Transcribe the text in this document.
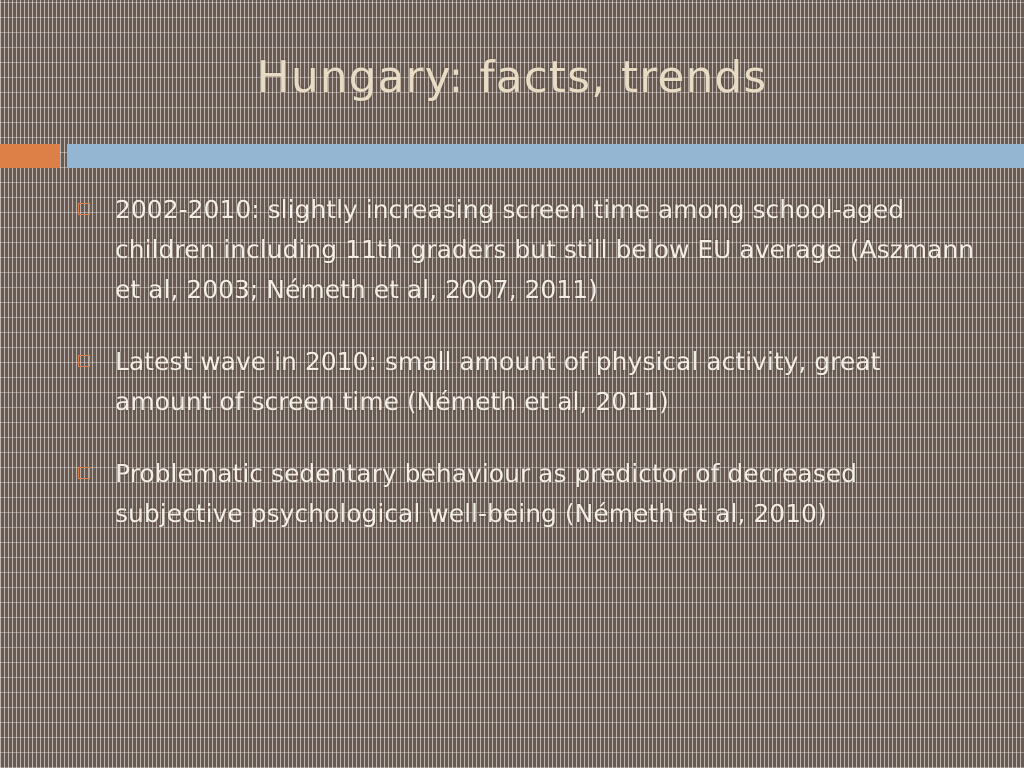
Hungary: facts, trends
2002-2010: slightly increasing screen time among school-aged children including 11th graders but still below EU average (Aszmann et al, 2003; Németh et al, 2007, 2011)
Latest wave in 2010: small amount of physical activity, great amount of screen time (Németh et al, 2011)
Problematic sedentary behaviour as predictor of decreased subjective psychological well-being (Németh et al, 2010)
